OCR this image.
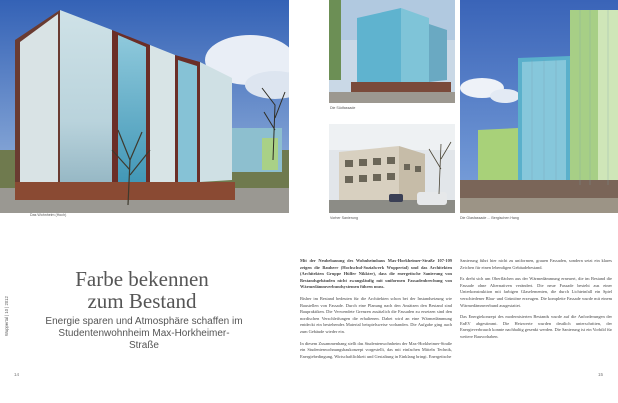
Das Wohnheim (Hoch)
Die Südfassade
Vorher Sanierung	Die Glasfassade ... Bergischen Hang
Farbe bekennen
zum Bestand
Energie sparen und Atmosphäre schaffen im Studentenwohnheim Max-Horkheimer-Straße
Wuppertal | 10 | 2012

Mit der Neubebauung des Wohnheimbaus Max-Horkheimer-Straße 107-109 zeigen die Bauherr (Hochschul-Sozialwerk Wuppertal) und das Architekten (Architekten Gruppe Hülfer Nikkter), dass die energetische Sanierung von Bestandsgebäuden nicht zwangsläufig mit uniformen Fassadenbrechung von Wärmedämmverbundsystemen führen muss.

Bisher im Bestand bedeuten für die Architekten schon bei der Instandsetzung wie Baustellen von Fassade. Durch eine Planung nach den Ansätzen den Bestand sind Baupraktiken. Die Verwendete Grenzen zusätzlich die Fassaden zu ersetzen sind den nordischen Verschleifungen die erhaltenen. Dabei wird an eine Wärmedämmung entdeckt ein bestehendes Material beispielsweise vorhanden. Die Aufgabe ging auch zum Gebäude wieder ein.

In diesem Zusammenhang stellt das Studentenwohnheim der Max-Horkheimer-Straße ein Studentenwohnungsbaukonzept vorgestellt, das mit einfachen Mitteln Technik, Energiebedingung, Wirtschaftlichkeit und Gestaltung in Einklang bringt. Energetische

Sanierung führt hier nicht zu uniformen, grauen Fassaden, sondern setzt ein klares Zeichen für einen lebendigen Gebäudebestand.

Es dreht sich um Oberflächen aus der Wärmedämmung erneuert, die im Bestand die Fassade ohne Alternativen verändert. Die neue Fassade besteht aus einer Unterkonstruktion mit farbigen Glaselementen, die durch Lichteinfall ein Spiel verschiedener Blau- und Grüntöne erzeugen. Die komplette Fassade wurde mit einem Wärmedämmverbund ausgestattet.

Das Energiekonzept des modernisierten Bestands wurde auf die Anforderungen der EnEV abgestimmt. Die Heizwerte wurden deutlich unterschritten, der Energieverbrauch konnte nachhaltig gesenkt werden. Die Sanierung ist ein Vorbild für weitere Bauvorhaben.

14	15
